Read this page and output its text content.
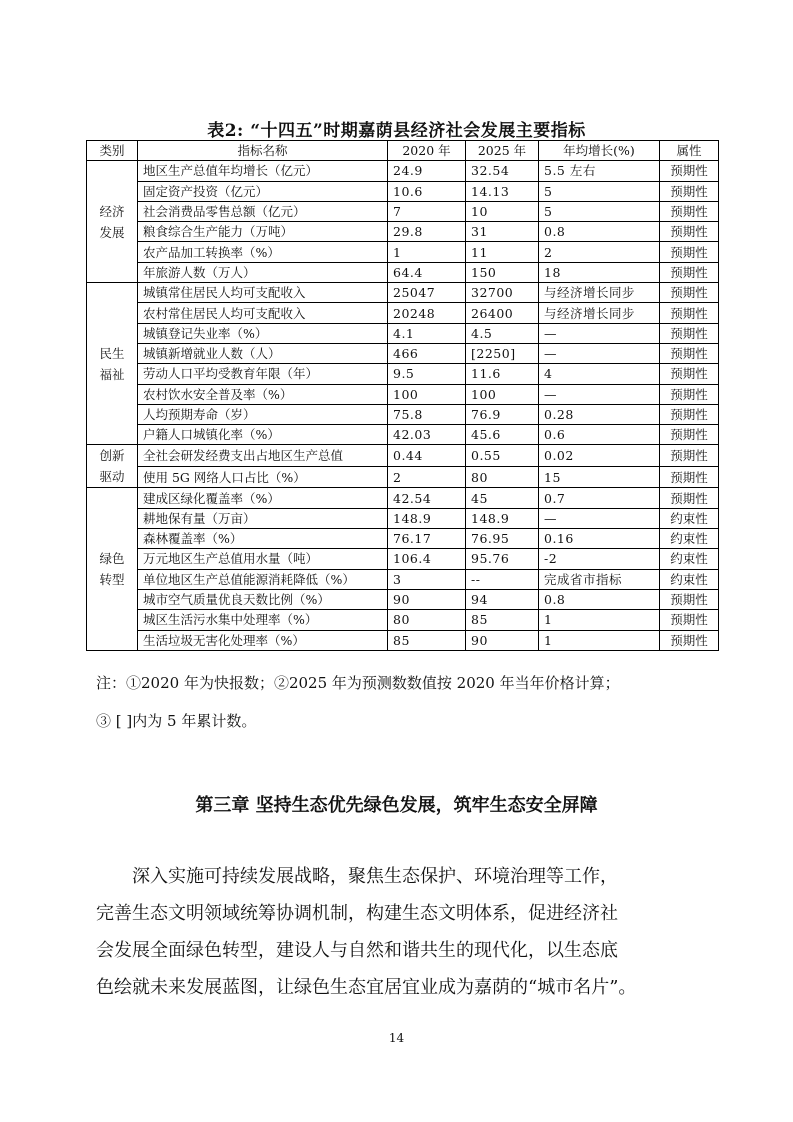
表2: “十四五”时期嘉荫县经济社会发展主要指标
类别	指标名称	2020 年	2025 年	年均增长(%)	属性
经济
发展	地区生产总值年均增长（亿元）	24.9	32.54	5.5 左右	预期性
	固定资产投资（亿元）	10.6	14.13	5	预期性
	社会消费品零售总额（亿元）	7	10	5	预期性
	粮食综合生产能力（万吨）	29.8	31	0.8	预期性
	农产品加工转换率（%）	1	11	2	预期性
	年旅游人数（万人）	64.4	150	18	预期性
民生
福祉	城镇常住居民人均可支配收入	25047	32700	与经济增长同步	预期性
	农村常住居民人均可支配收入	20248	26400	与经济增长同步	预期性
	城镇登记失业率（%）	4.1	4.5	—	预期性
	城镇新增就业人数（人）	466	[2250]	—	预期性
	劳动人口平均受教育年限（年）	9.5	11.6	4	预期性
	农村饮水安全普及率（%）	100	100	—	预期性
	人均预期寿命（岁）	75.8	76.9	0.28	预期性
	户籍人口城镇化率（%）	42.03	45.6	0.6	预期性
创新
驱动	全社会研发经费支出占地区生产总值	0.44	0.55	0.02	预期性
	使用 5G 网络人口占比（%）	2	80	15	预期性
绿色
转型	建成区绿化覆盖率（%）	42.54	45	0.7	预期性
	耕地保有量（万亩）	148.9	148.9	—	约束性
	森林覆盖率（%）	76.17	76.95	0.16	约束性
	万元地区生产总值用水量（吨）	106.4	95.76	-2	约束性
	单位地区生产总值能源消耗降低（%）	3	--	完成省市指标	约束性
	城市空气质量优良天数比例（%）	90	94	0.8	预期性
	城区生活污水集中处理率（%）	80	85	1	预期性
	生活垃圾无害化处理率（%）	85	90	1	预期性
注：①2020 年为快报数；②2025 年为预测数数值按 2020 年当年价格计算；
③ [ ]内为 5 年累计数。
第三章 坚持生态优先绿色发展，筑牢生态安全屏障

深入实施可持续发展战略，聚焦生态保护、环境治理等工作，

完善生态文明领域统筹协调机制，构建生态文明体系，促进经济社

会发展全面绿色转型，建设人与自然和谐共生的现代化，以生态底

色绘就未来发展蓝图，让绿色生态宜居宜业成为嘉荫的“城市名片”。

14
